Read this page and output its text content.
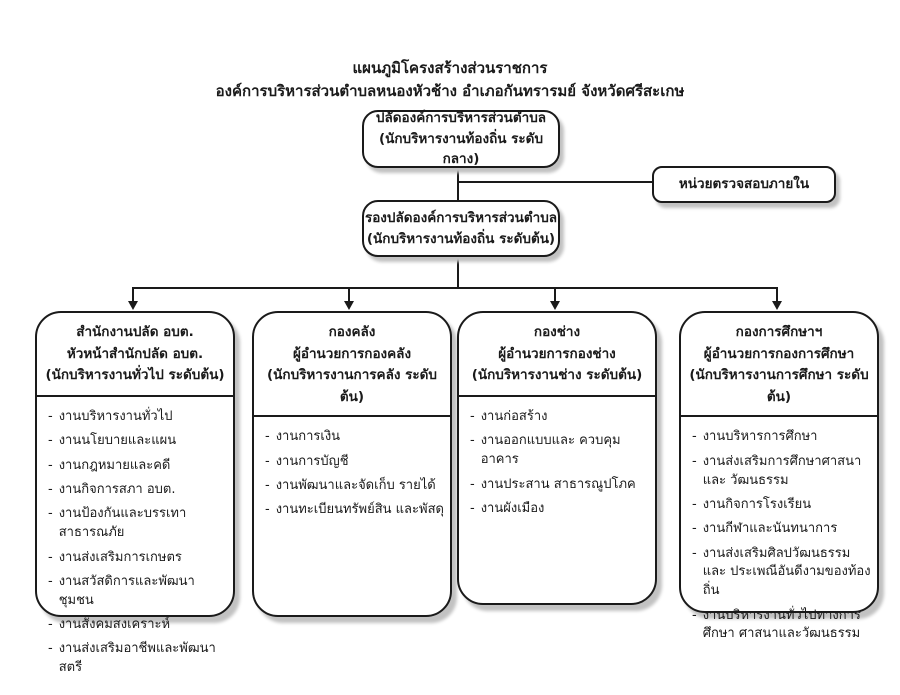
แผนภูมิโครงสร้างส่วนราชการ
องค์การบริหารส่วนตำบลหนองหัวช้าง อำเภอกันทรารมย์ จังหวัดศรีสะเกษ
ปลัดองค์การบริหารส่วนตำบล
(นักบริหารงานท้องถิ่น ระดับกลาง)
หน่วยตรวจสอบภายใน
รองปลัดองค์การบริหารส่วนตำบล
(นักบริหารงานท้องถิ่น ระดับต้น)
สำนักงานปลัด อบต.
หัวหน้าสำนักปลัด อบต.
(นักบริหารงานทั่วไป ระดับต้น)
- งานบริหารงานทั่วไป
- งานนโยบายและแผน
- งานกฎหมายและคดี
- งานกิจการสภา อบต.
- งานป้องกันและบรรเทา สาธารณภัย
- งานส่งเสริมการเกษตร
- งานสวัสดิการและพัฒนาชุมชน
- งานสังคมสงเคราะห์
- งานส่งเสริมอาชีพและพัฒนา สตรี
กองคลัง
ผู้อำนวยการกองคลัง
(นักบริหารงานการคลัง ระดับต้น)
- งานการเงิน
- งานการบัญชี
- งานพัฒนาและจัดเก็บ รายได้
- งานทะเบียนทรัพย์สิน และพัสดุ
กองช่าง
ผู้อำนวยการกองช่าง
(นักบริหารงานช่าง ระดับต้น)
- งานก่อสร้าง
- งานออกแบบและ ควบคุมอาคาร
- งานประสาน สาธารณูปโภค
- งานผังเมือง
กองการศึกษาฯ
ผู้อำนวยการกองการศึกษา
(นักบริหารงานการศึกษา ระดับต้น)
- งานบริหารการศึกษา
- งานส่งเสริมการศึกษาศาสนาและ วัฒนธรรม
- งานกิจการโรงเรียน
- งานกีฬาและนันทนาการ
- งานส่งเสริมศิลปวัฒนธรรม และ ประเพณีอันดีงามของท้องถิ่น
- งานบริหารงานทั่วไปทางการศึกษา ศาสนาและวัฒนธรรม
